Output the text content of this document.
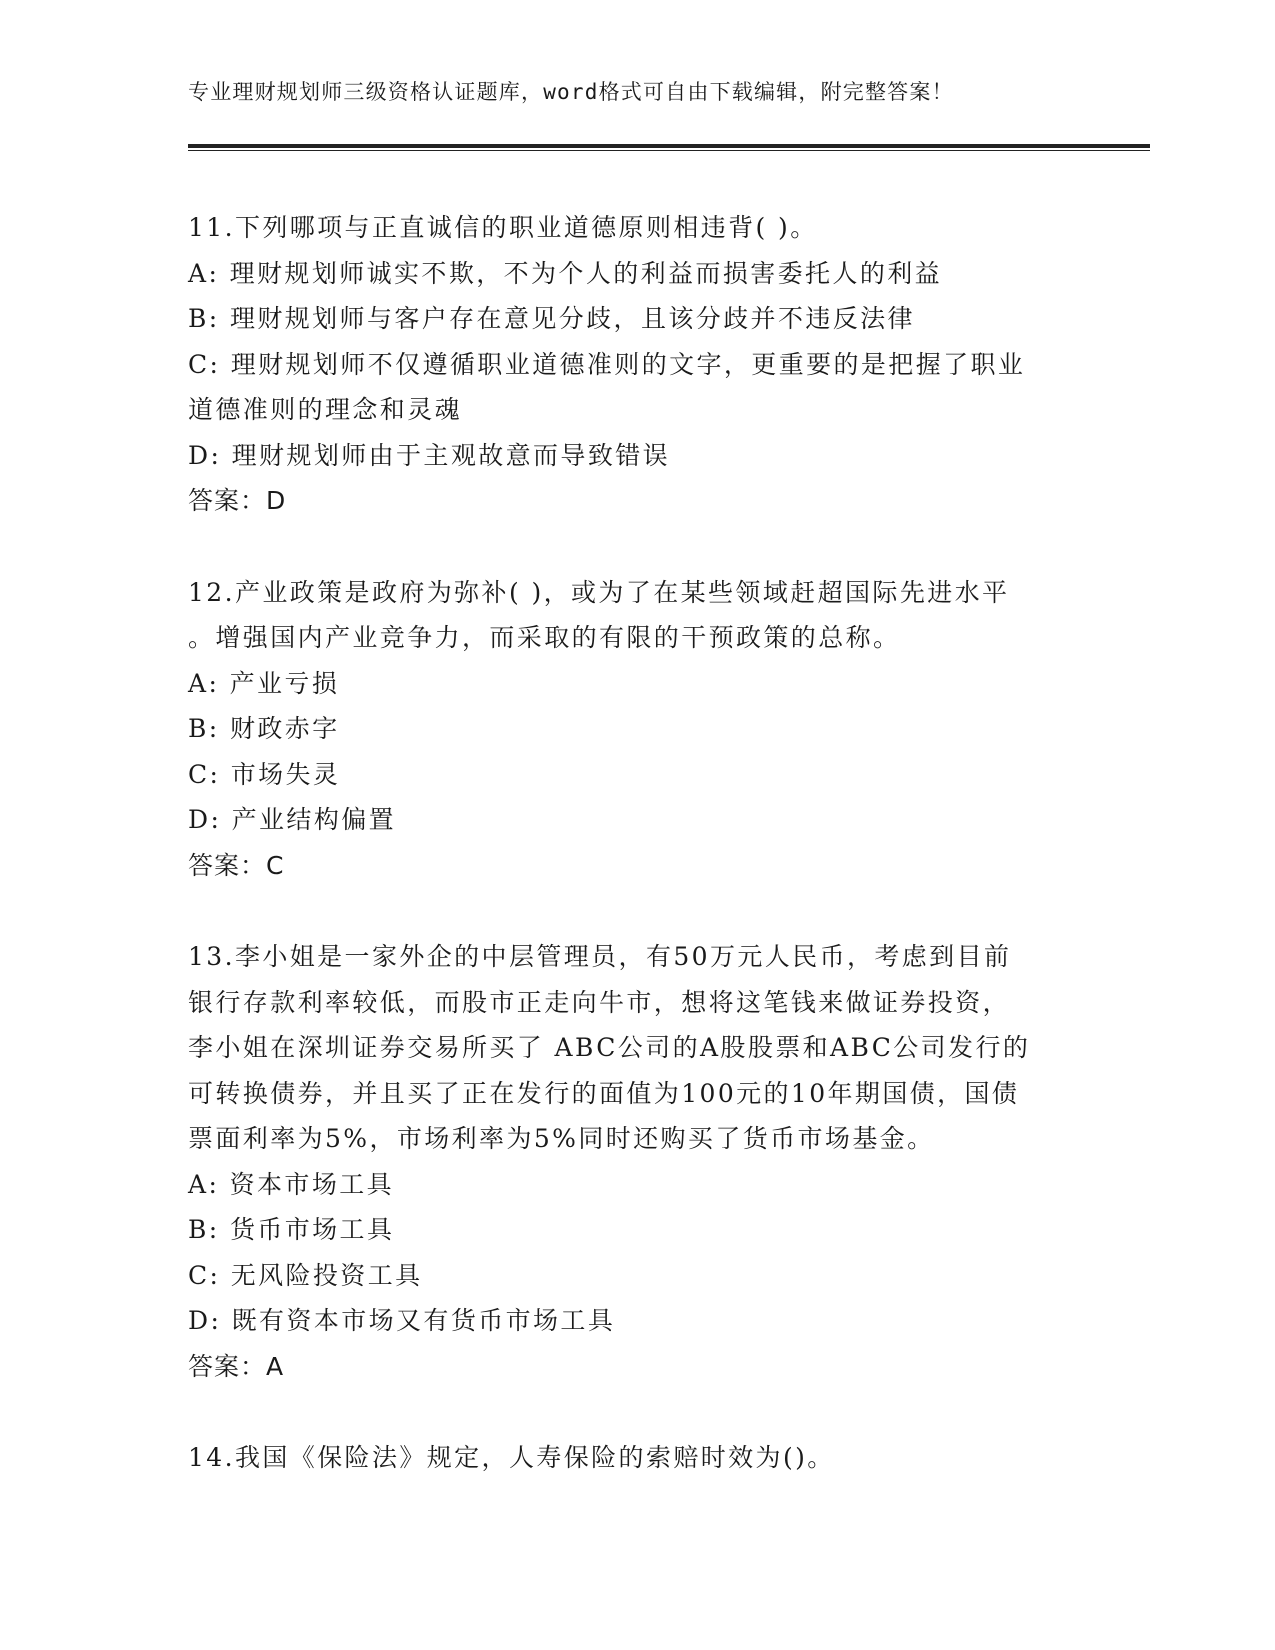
专业理财规划师三级资格认证题库，word格式可自由下载编辑，附完整答案！
11.下列哪项与正直诚信的职业道德原则相违背( )。
A: 理财规划师诚实不欺，不为个人的利益而损害委托人的利益
B: 理财规划师与客户存在意见分歧，且该分歧并不违反法律
C: 理财规划师不仅遵循职业道德准则的文字，更重要的是把握了职业
道德准则的理念和灵魂
D: 理财规划师由于主观故意而导致错误
答案：D
12.产业政策是政府为弥补( )，或为了在某些领域赶超国际先进水平
。增强国内产业竞争力，而采取的有限的干预政策的总称。
A: 产业亏损
B: 财政赤字
C: 市场失灵
D: 产业结构偏置
答案：C
13.李小姐是一家外企的中层管理员，有50万元人民币，考虑到目前
银行存款利率较低，而股市正走向牛市，想将这笔钱来做证券投资，
李小姐在深圳证券交易所买了 ABC公司的A股股票和ABC公司发行的
可转换债券，并且买了正在发行的面值为100元的10年期国债，国债
票面利率为5%，市场利率为5%同时还购买了货币市场基金。
A: 资本市场工具
B: 货币市场工具
C: 无风险投资工具
D: 既有资本市场又有货币市场工具
答案：A
14.我国《保险法》规定，人寿保险的索赔时效为()。
